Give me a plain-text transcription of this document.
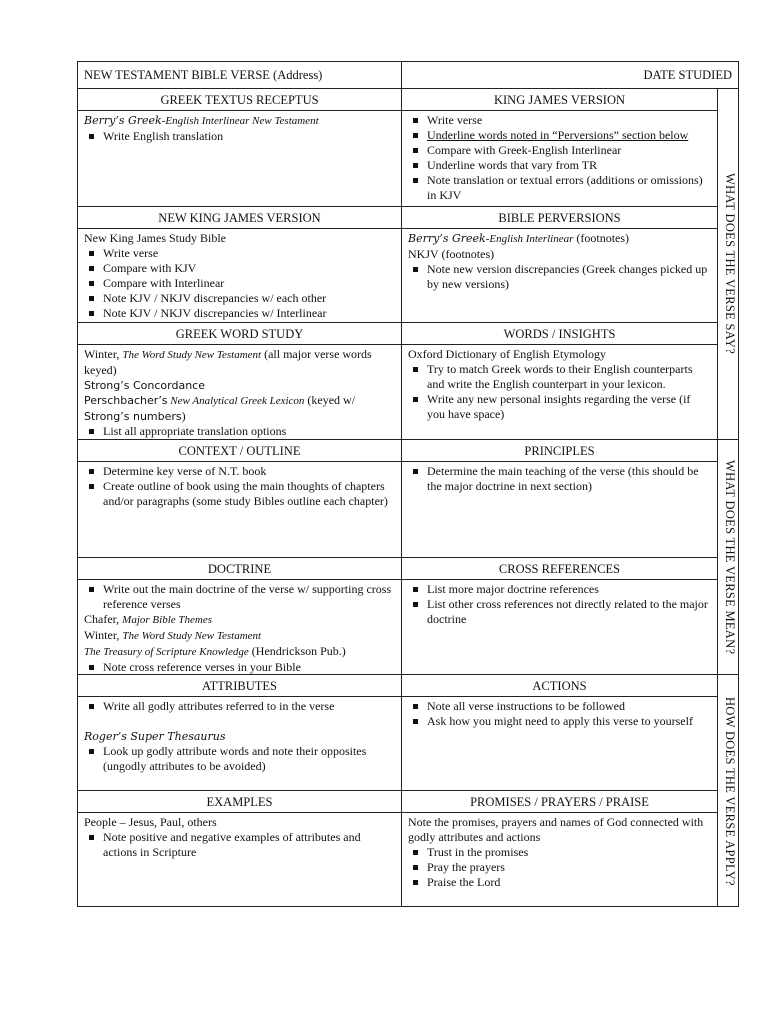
NEW TESTAMENT BIBLE VERSE (Address)	DATE STUDIED
WHAT DOES THE VERSE SAY?
WHAT DOES THE VERSE MEAN?
HOW DOES THE VERSE APPLY?
GREEK TEXTUS RECEPTUS

Berry’s Greek-English Interlinear New Testament

Write English translation
KING JAMES VERSION
Write verse
Underline words noted in “Perversions” section below
Compare with Greek-English Interlinear
Underline words that vary from TR
Note translation or textual errors (additions or omissions) in KJV
NEW KING JAMES VERSION

New King James Study Bible

Write verse
Compare with KJV
Compare with Interlinear
Note KJV / NKJV discrepancies w/ each other
Note KJV / NKJV discrepancies w/ Interlinear
BIBLE PERVERSIONS

Berry’s Greek-English Interlinear (footnotes)

NKJV (footnotes)

Note new version discrepancies (Greek changes picked up by new versions)
GREEK WORD STUDY

Winter, The Word Study New Testament (all major verse words keyed)

Strong’s Concordance

Perschbacher’s New Analytical Greek Lexicon (keyed w/
Strong’s numbers)

List all appropriate translation options
WORDS / INSIGHTS

Oxford Dictionary of English Etymology

Try to match Greek words to their English counterparts and write the English counterpart in your lexicon.
Write any new personal insights regarding the verse (if you have space)
CONTEXT / OUTLINE
Determine key verse of N.T. book
Create outline of book using the main thoughts of chapters and/or paragraphs (some study Bibles outline each chapter)
PRINCIPLES
Determine the main teaching of the verse (this should be the major doctrine in next section)
DOCTRINE
Write out the main doctrine of the verse w/ supporting cross reference verses

Chafer, Major Bible Themes

Winter, The Word Study New Testament

The Treasury of Scripture Knowledge (Hendrickson Pub.)

Note cross reference verses in your Bible
CROSS REFERENCES
List more major doctrine references
List other cross references not directly related to the major doctrine
ATTRIBUTES
Write all godly attributes referred to in the verse

Roger’s Super Thesaurus

Look up godly attribute words and note their opposites (ungodly attributes to be avoided)
ACTIONS
Note all verse instructions to be followed
Ask how you might need to apply this verse to yourself
EXAMPLES

People – Jesus, Paul, others

Note positive and negative examples of attributes and actions in Scripture
PROMISES / PRAYERS / PRAISE

Note the promises, prayers and names of God connected with godly attributes and actions

Trust in the promises
Pray the prayers
Praise the Lord
